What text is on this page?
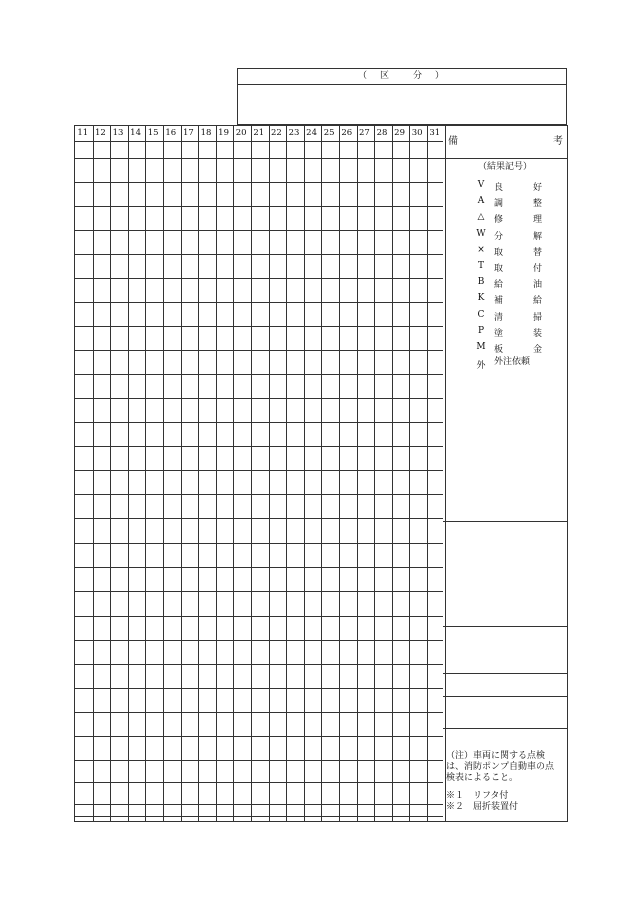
（　区　　分　）
11 12 13 14 15 16 17 18 19 20 21 22 23 24 25 26 27 28 29 30 31
備	考
（結果記号）
V	良好
A	調整
△	修理
W 分解
×	取替
T	取付
B	給油
K	補給
C	清掃
P	塗装
M 板金
外 外注依頼
（注）車両に関する点検
は、消防ポンプ自動車の点
検表によること。
※１　リフタ付
※２　屈折装置付
